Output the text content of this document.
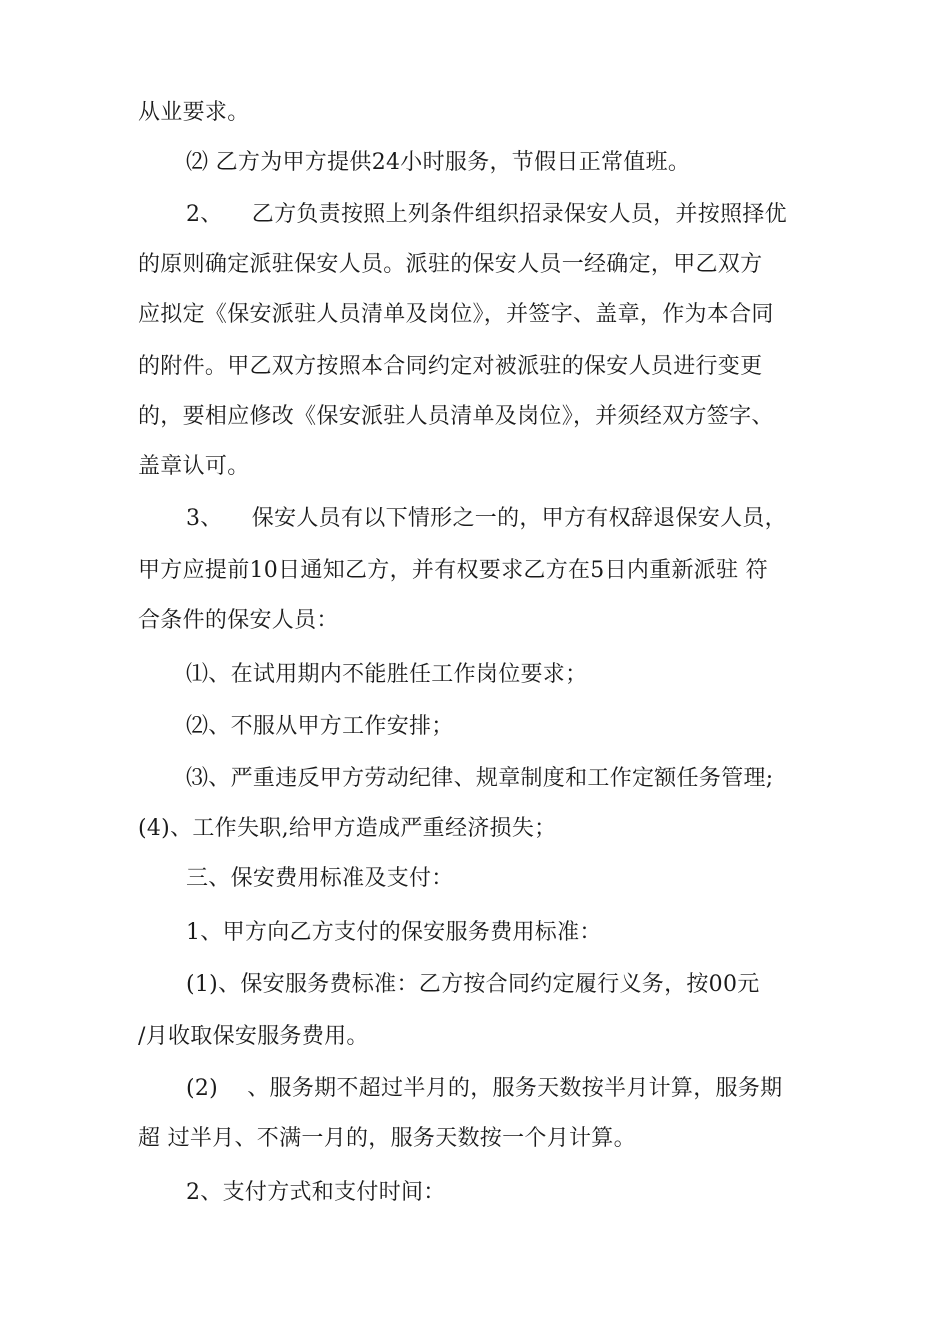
从业要求。
⑵ 乙方为甲方提供24小时服务，节假日正常值班。
2、    乙方负责按照上列条件组织招录保安人员，并按照择优
的原则确定派驻保安人员。派驻的保安人员一经确定，甲乙双方
应拟定《保安派驻人员清单及岗位》，并签字、盖章，作为本合同
的附件。甲乙双方按照本合同约定对被派驻的保安人员进行变更
的，要相应修改《保安派驻人员清单及岗位》，并须经双方签字、
盖章认可。
3、    保安人员有以下情形之一的，甲方有权辞退保安人员，
甲方应提前10日通知乙方，并有权要求乙方在5日内重新派驻 符
合条件的保安人员：
⑴、在试用期内不能胜任工作岗位要求；
⑵、不服从甲方工作安排；
⑶、严重违反甲方劳动纪律、规章制度和工作定额任务管理;
(4)、工作失职,给甲方造成严重经济损失；
三、保安费用标准及支付：
1、甲方向乙方支付的保安服务费用标准：
(1)、保安服务费标准：乙方按合同约定履行义务，按00元
/月收取保安服务费用。
(2)    、服务期不超过半月的，服务天数按半月计算，服务期
超 过半月、不满一月的，服务天数按一个月计算。
2、支付方式和支付时间：
